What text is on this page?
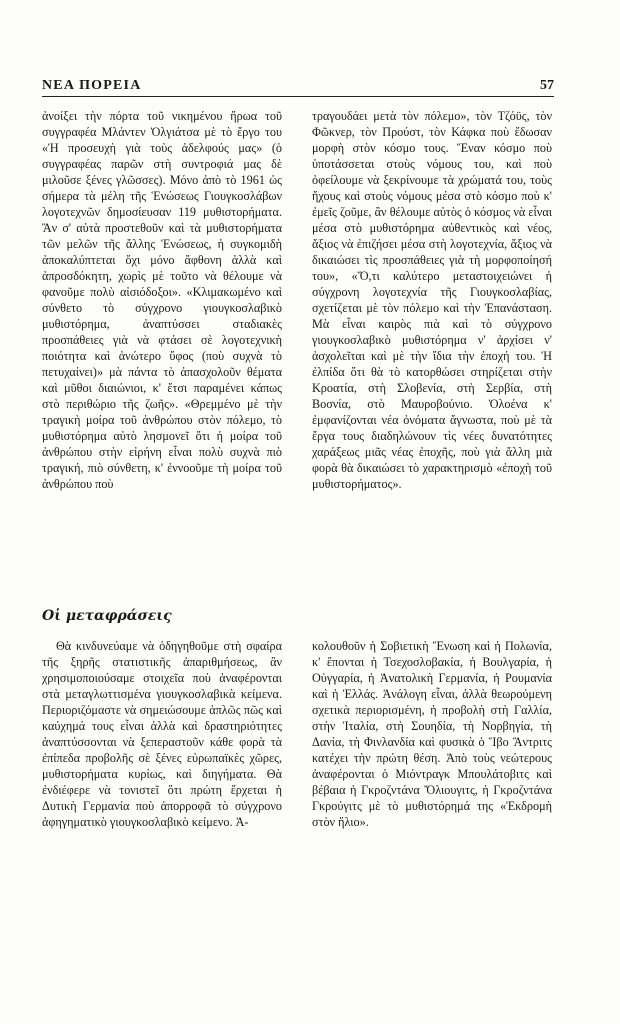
ΝΕΑ ΠΟΡΕΙΑ	57

ἀνοίξει τὴν πόρτα τοῦ νικημένου ἥρωα τοῦ συγγραφέα Μλάντεν Ὀλγιάτσα μὲ τὸ ἔργο του «Ἡ προσευχὴ γιὰ τοὺς ἀδελφούς μας» (ὁ συγγραφέας παρῶν στὴ συντροφιά μας δὲ μιλοῦσε ξένες γλῶσσες). Μόνο ἀπὸ τὸ 1961 ὡς σήμερα τὰ μέλη τῆς Ἑνώσεως Γιουγκοσλάβων λογοτεχνῶν δημοσίευσαν 119 μυθιστορήματα. Ἂν σ' αὐτὰ προστεθοῦν καὶ τὰ μυθιστορήματα τῶν μελῶν τῆς ἄλλης Ἑνώσεως, ἡ συγκομιδὴ ἀποκαλύπτεται ὄχι μόνο ἄφθονη ἀλλὰ καὶ ἀπροσδόκητη, χωρὶς μὲ τοῦτο νὰ θέλουμε νὰ φανοῦμε πολὺ αἰσιόδοξοι». «Κλιμακωμένο καὶ σύνθετο τὸ σύγχρονο γιουγκοσλαβικὸ μυθιστόρημα, ἀναπτύσσει σταδιακὲς προσπάθειες γιὰ νὰ φτάσει σὲ λογοτεχνικὴ ποιότητα καὶ ἀνώτερο ὕφος (ποὺ συχνὰ τὸ πετυχαίνει)» μὰ πάντα τὸ ἀπασχολοῦν θέματα καὶ μῦθοι διαιώνιοι, κ' ἔτσι παραμένει κάπως στὸ περιθώριο τῆς ζωῆς». «Θρεμμένο μὲ τὴν τραγικὴ μοίρα τοῦ ἀνθρώπου στὸν πόλεμο, τὸ μυθιστόρημα αὐτὸ λησμονεῖ ὅτι ἡ μοίρα τοῦ ἀνθρώπου στὴν εἰρήνη εἶναι πολὺ συχνὰ πιὸ τραγική, πιὸ σύνθετη, κ' ἐννοοῦμε τὴ μοίρα τοῦ ἀνθρώπου ποὺ

τραγουδάει μετὰ τὸν πόλεμο», τὸν Τζόϋς, τὸν Φῶκνερ, τὸν Προύστ, τὸν Κάφκα ποὺ ἔδωσαν μορφὴ στὸν κόσμο τους. Ἕναν κόσμο ποὺ ὑποτάσσεται στοὺς νόμους του, καὶ ποὺ ὀφείλουμε νὰ ξεκρίνουμε τὰ χρώματά του, τοὺς ἤχους καὶ στοὺς νόμους μέσα στὸ κόσμο ποὺ κ' ἐμεῖς ζοῦμε, ἂν θέλουμε αὐτὸς ὁ κόσμος νὰ εἶναι μέσα στὸ μυθιστόρημα αὐθεντικὸς καὶ νέος, ἄξιος νὰ ἐπιζήσει μέσα στὴ λογοτεχνία, ἄξιος νὰ δικαιώσει τὶς προσπάθειες γιὰ τὴ μορφοποίησή του», «Ὅ,τι καλύτερο μεταστοιχειώνει ἡ σύγχρονη λογοτεχνία τῆς Γιουγκοσλαβίας, σχετίζεται μὲ τὸν πόλεμο καὶ τὴν Ἐπανάσταση. Μὰ εἶναι καιρὸς πιὰ καὶ τὸ σύγχρονο γιουγκοσλαβικὸ μυθιστόρημα ν' ἀρχίσει ν' ἀσχολεῖται καὶ μὲ τὴν ἴδια τὴν ἐποχή του. Ἡ ἐλπίδα ὅτι θὰ τὸ κατορθώσει στηρίζεται στὴν Κροατία, στὴ Σλοβενία, στὴ Σερβία, στὴ Βοσνία, στὸ Μαυροβούνιο. Ὁλοένα κ' ἐμφανίζονται νέα ὀνόματα ἄγνωστα, ποὺ μὲ τὰ ἔργα τους διαδηλώνουν τὶς νέες δυνατότητες χαράξεως μιᾶς νέας ἐποχῆς, ποὺ γιὰ ἄλλη μιὰ φορὰ θὰ δικαιώσει τὸ χαρακτηρισμὸ «ἐποχὴ τοῦ μυθιστορήματος».

Οἱ μεταφράσεις

Θὰ κινδυνεύαμε νὰ ὁδηγηθοῦμε στὴ σφαίρα τῆς ξηρῆς στατιστικῆς ἀπαριθμήσεως, ἂν χρησιμοποιούσαμε στοιχεῖα ποὺ ἀναφέρονται στὰ μεταγλωττισμένα γιουγκοσλαβικὰ κείμενα. Περιοριζόμαστε νὰ σημειώσουμε ἁπλῶς πῶς καὶ καύχημά τους εἶναι ἀλλὰ καὶ δραστηριότητες ἀναπτύσσονται νὰ ξεπεραστοῦν κάθε φορὰ τὰ ἐπίπεδα προβολῆς σὲ ξένες εὐρωπαϊκὲς χῶρες, μυθιστορήματα κυρίως, καὶ διηγήματα. Θὰ ἐνδιέφερε νὰ τονιστεῖ ὅτι πρώτη ἔρχεται ἡ Δυτικὴ Γερμανία ποὺ ἀπορροφᾶ τὸ σύγχρονο ἀφηγηματικὸ γιουγκοσλαβικὸ κείμενο. Ἀ-

κολουθοῦν ἡ Σοβιετικὴ Ἕνωση καὶ ἡ Πολωνία, κ' ἕπονται ἡ Τσεχοσλοβακία, ἡ Βουλγαρία, ἡ Οὐγγαρία, ἡ Ἀνατολικὴ Γερμανία, ἡ Ρουμανία καὶ ἡ Ἑλλάς. Ἀνάλογη εἶναι, ἀλλὰ θεωρούμενη σχετικὰ περιορισμένη, ἡ προβολὴ στὴ Γαλλία, στὴν Ἰταλία, στὴ Σουηδία, τὴ Νορβηγία, τὴ Δανία, τὴ Φινλανδία καὶ φυσικὰ ὁ Ἴβο Ἄντριτς κατέχει τὴν πρώτη θέση. Ἀπὸ τοὺς νεώτερους ἀναφέρονται ὁ Μιόντραγκ Μπουλάτοβιτς καὶ βέβαια ἡ Γκροζντάνα Ὄλιουγιτς, ἡ Γκροζντάνα Γκρούγιτς μὲ τὸ μυθιστόρημά της «Ἐκδρομὴ στὸν ἥλιο».
